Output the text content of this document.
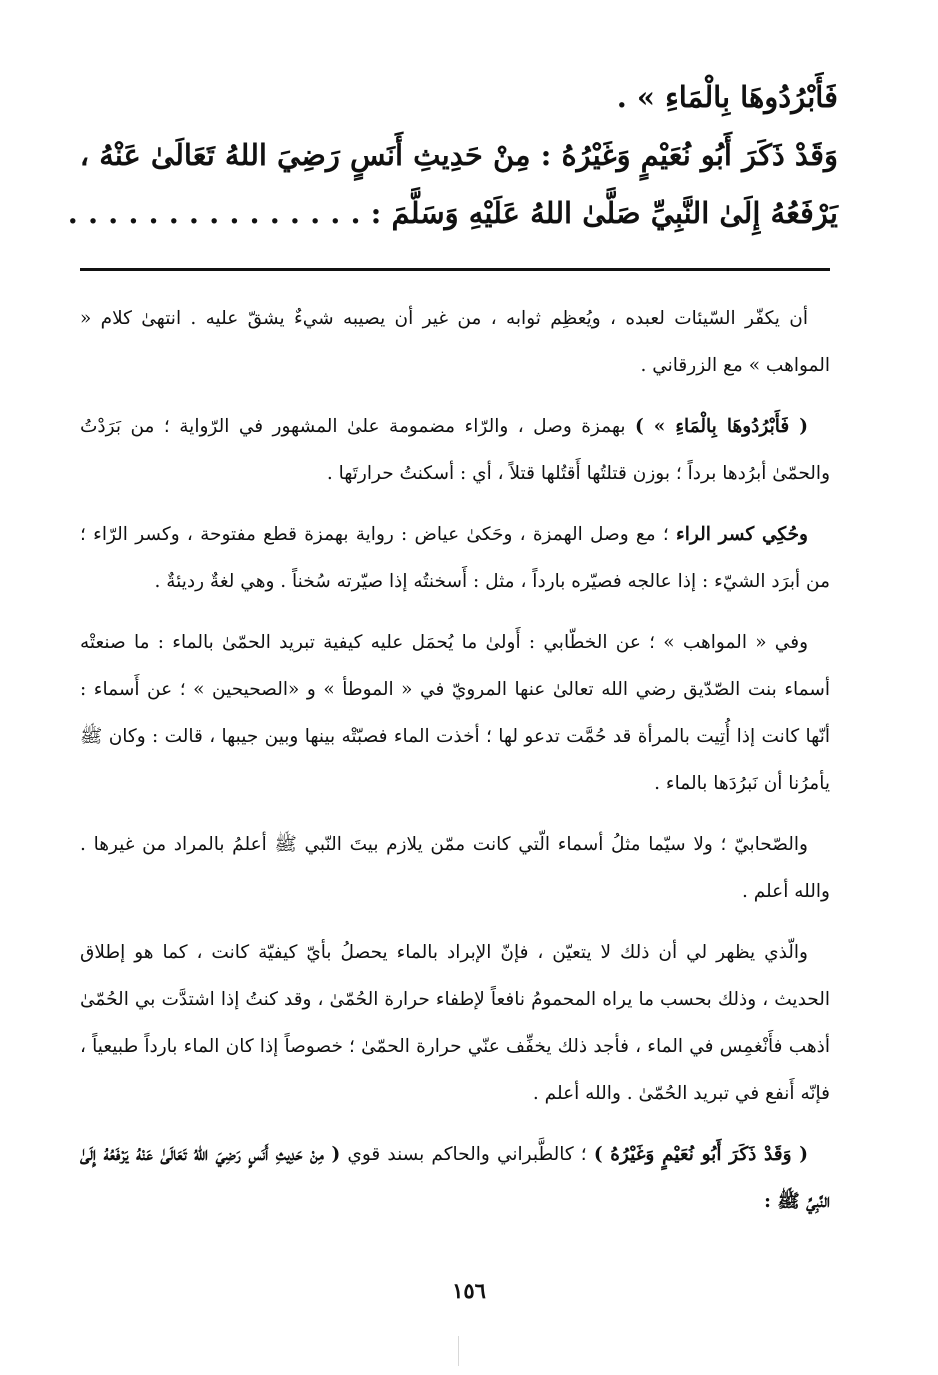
فَأَبْرُدُوهَا بِالْمَاءِ » .
وَقَدْ ذَكَرَ أَبُو نُعَيْمٍ وَغَيْرُهُ : مِنْ حَدِيثِ أَنَسٍ رَضِيَ اللهُ تَعَالَىٰ عَنْهُ ،
يَرْفَعُهُ إِلَىٰ النَّبِيِّ صَلَّىٰ اللهُ عَلَيْهِ وَسَلَّمَ : . . . . . . . . . . . . . . .

أن يكفّر السّيئات لعبده ، ويُعظِم ثوابه ، من غير أن يصيبه شيءٌ يشقّ عليه . انتهىٰ كلام « المواهب » مع الزرقاني .

( فَأَبْرُدُوهَا بِالْمَاءِ » ) بهمزة وصل ، والرّاء مضمومة علىٰ المشهور في الرّواية ؛ من بَرَدْتُ والحمّىٰ أبرُدها برداً ؛ بوزن قتلتُها أَقتُلها قتلاً ، أي : أسكنتُ حرارتَها .

وحُكِي كسر الراء ؛ مع وصل الهمزة ، وحَكىٰ عياض : رواية بهمزة قطع مفتوحة ، وكسر الرّاء ؛ من أبرَد الشيّء : إذا عالجه فصيّره بارداً ، مثل : أَسخنتُه إذا صيّرته سُخناً . وهي لغةٌ رديئةٌ .

وفي « المواهب » ؛ عن الخطّابي : أَولىٰ ما يُحمَل عليه كيفية تبريد الحمّىٰ بالماء : ما صنعتْه أسماء بنت الصّدّيق رضي الله تعالىٰ عنها المرويّ في « الموطأ » و «الصحيحين » ؛ عن أَسماء : أنّها كانت إذا أُتِيت بالمرأة قد حُمَّت تدعو لها ؛ أخذت الماء فصبّتْه بينها وبين جيبها ، قالت : وكان ﷺ يأمرُنا أن نَبرُدَها بالماء .

والصّحابيّ ؛ ولا سيّما مثلُ أسماء الّتي كانت ممّن يلازم بيتَ النّبي ﷺ أعلمُ بالمراد من غيرها . والله أعلم .

والّذي يظهر لي أن ذلك لا يتعيّن ، فإنّ الإبراد بالماء يحصلُ بأيّ كيفيّة كانت ، كما هو إطلاق الحديث ، وذلك بحسب ما يراه المحمومُ نافعاً لإطفاء حرارة الحُمّىٰ ، وقد كنتُ إذا اشتدَّت بي الحُمّىٰ أذهب فأَنْغمِس في الماء ، فأجد ذلك يخفِّف عنّي حرارة الحمّىٰ ؛ خصوصاً إذا كان الماء بارداً طبيعياً ، فإنّه أَنفع في تبريد الحُمّىٰ . والله أعلم .

( وَقَدْ ذَكَرَ أَبُو نُعَيْمٍ وَغَيْرُهُ ) ؛ كالطَّبراني والحاكم بسند قوي ( مِنْ حَدِيثِ أَنَسٍ رَضِيَ اللهُ تَعَالَىٰ عَنْهُ يَرْفَعُهُ إِلَىٰ النَّبِيِّ ﷺ :

١٥٦
